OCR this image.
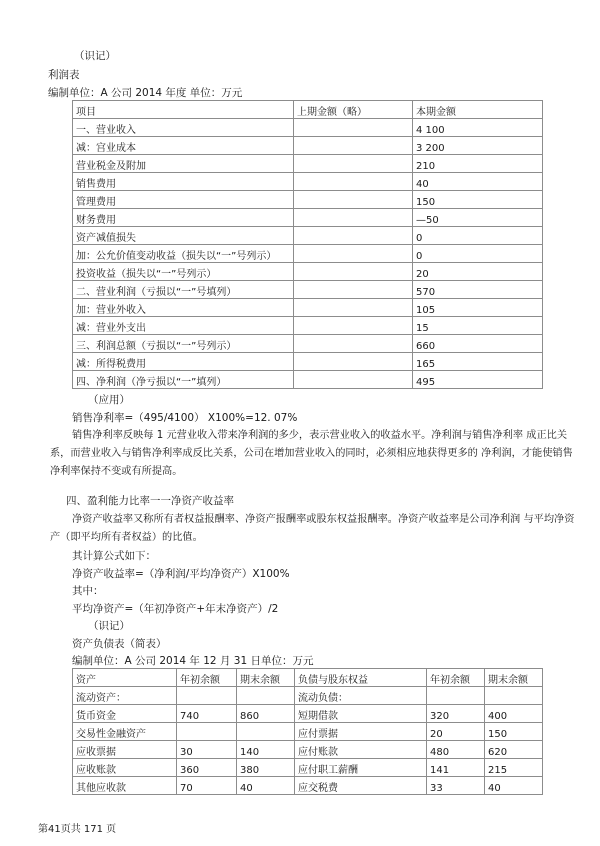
（识记）
利润表
编制单位：A 公司 2014 年度 单位：万元
项目	上期金额（略）	本期金额
一、营业收入		4 100
减：宫业成本		3 200
营业税金及附加		210
销售费用		40
管理费用		150
财务费用		—50
资产减值损失		0
加：公允价值变动收益（损失以“一”号列示）		0
投资收益（损失以“一”号列示）		20
二、营业利润（亏损以“一”号填列）		570
加：营业外收入		105
减：营业外支出		15
三、利润总额（亏损以“一”号列示）		660
减：所得税费用		165
四、净利润（净亏损以“一”填列）		495
（应用）
销售净利率=（495/4100） X100%=12. 07%
销售净利率反映每 1 元营业收入带来净利润的多少，表示营业收入的收益水平。净利润与销售净利率 成正比关系，而营业收入与销售净利率成反比关系，公司在增加营业收入的同时，必须相应地获得更多的 净利润，才能使销售净利率保持不变或有所提高。
四、盈利能力比率一一净资产收益率
净资产收益率又称所有者权益报酬率、净资产报酬率或股东权益报酬率。净资产收益率是公司净利润 与平均净资产（即平均所有者权益）的比值。
其计算公式如下：
净资产收益率=（净利润/平均净资产）X100%
其中：
平均净资产=（年初净资产+年末净资产）/2
（识记）
资产负债表（简表）
编制单位：A 公司 2014 年 12 月 31 日单位：万元
资产	年初余额	期末余额	负债与股东权益	年初余额	期末余额
流动资产：			流动负债：		
货币资金	740	860	短期借款	320	400
交易性金融资产			应付票据	20	150
应收票据	30	140	应付账款	480	620
应收账款	360	380	应付职工薪酬	141	215
其他应收款	70	40	应交税费	33	40
第41页共 171 页
